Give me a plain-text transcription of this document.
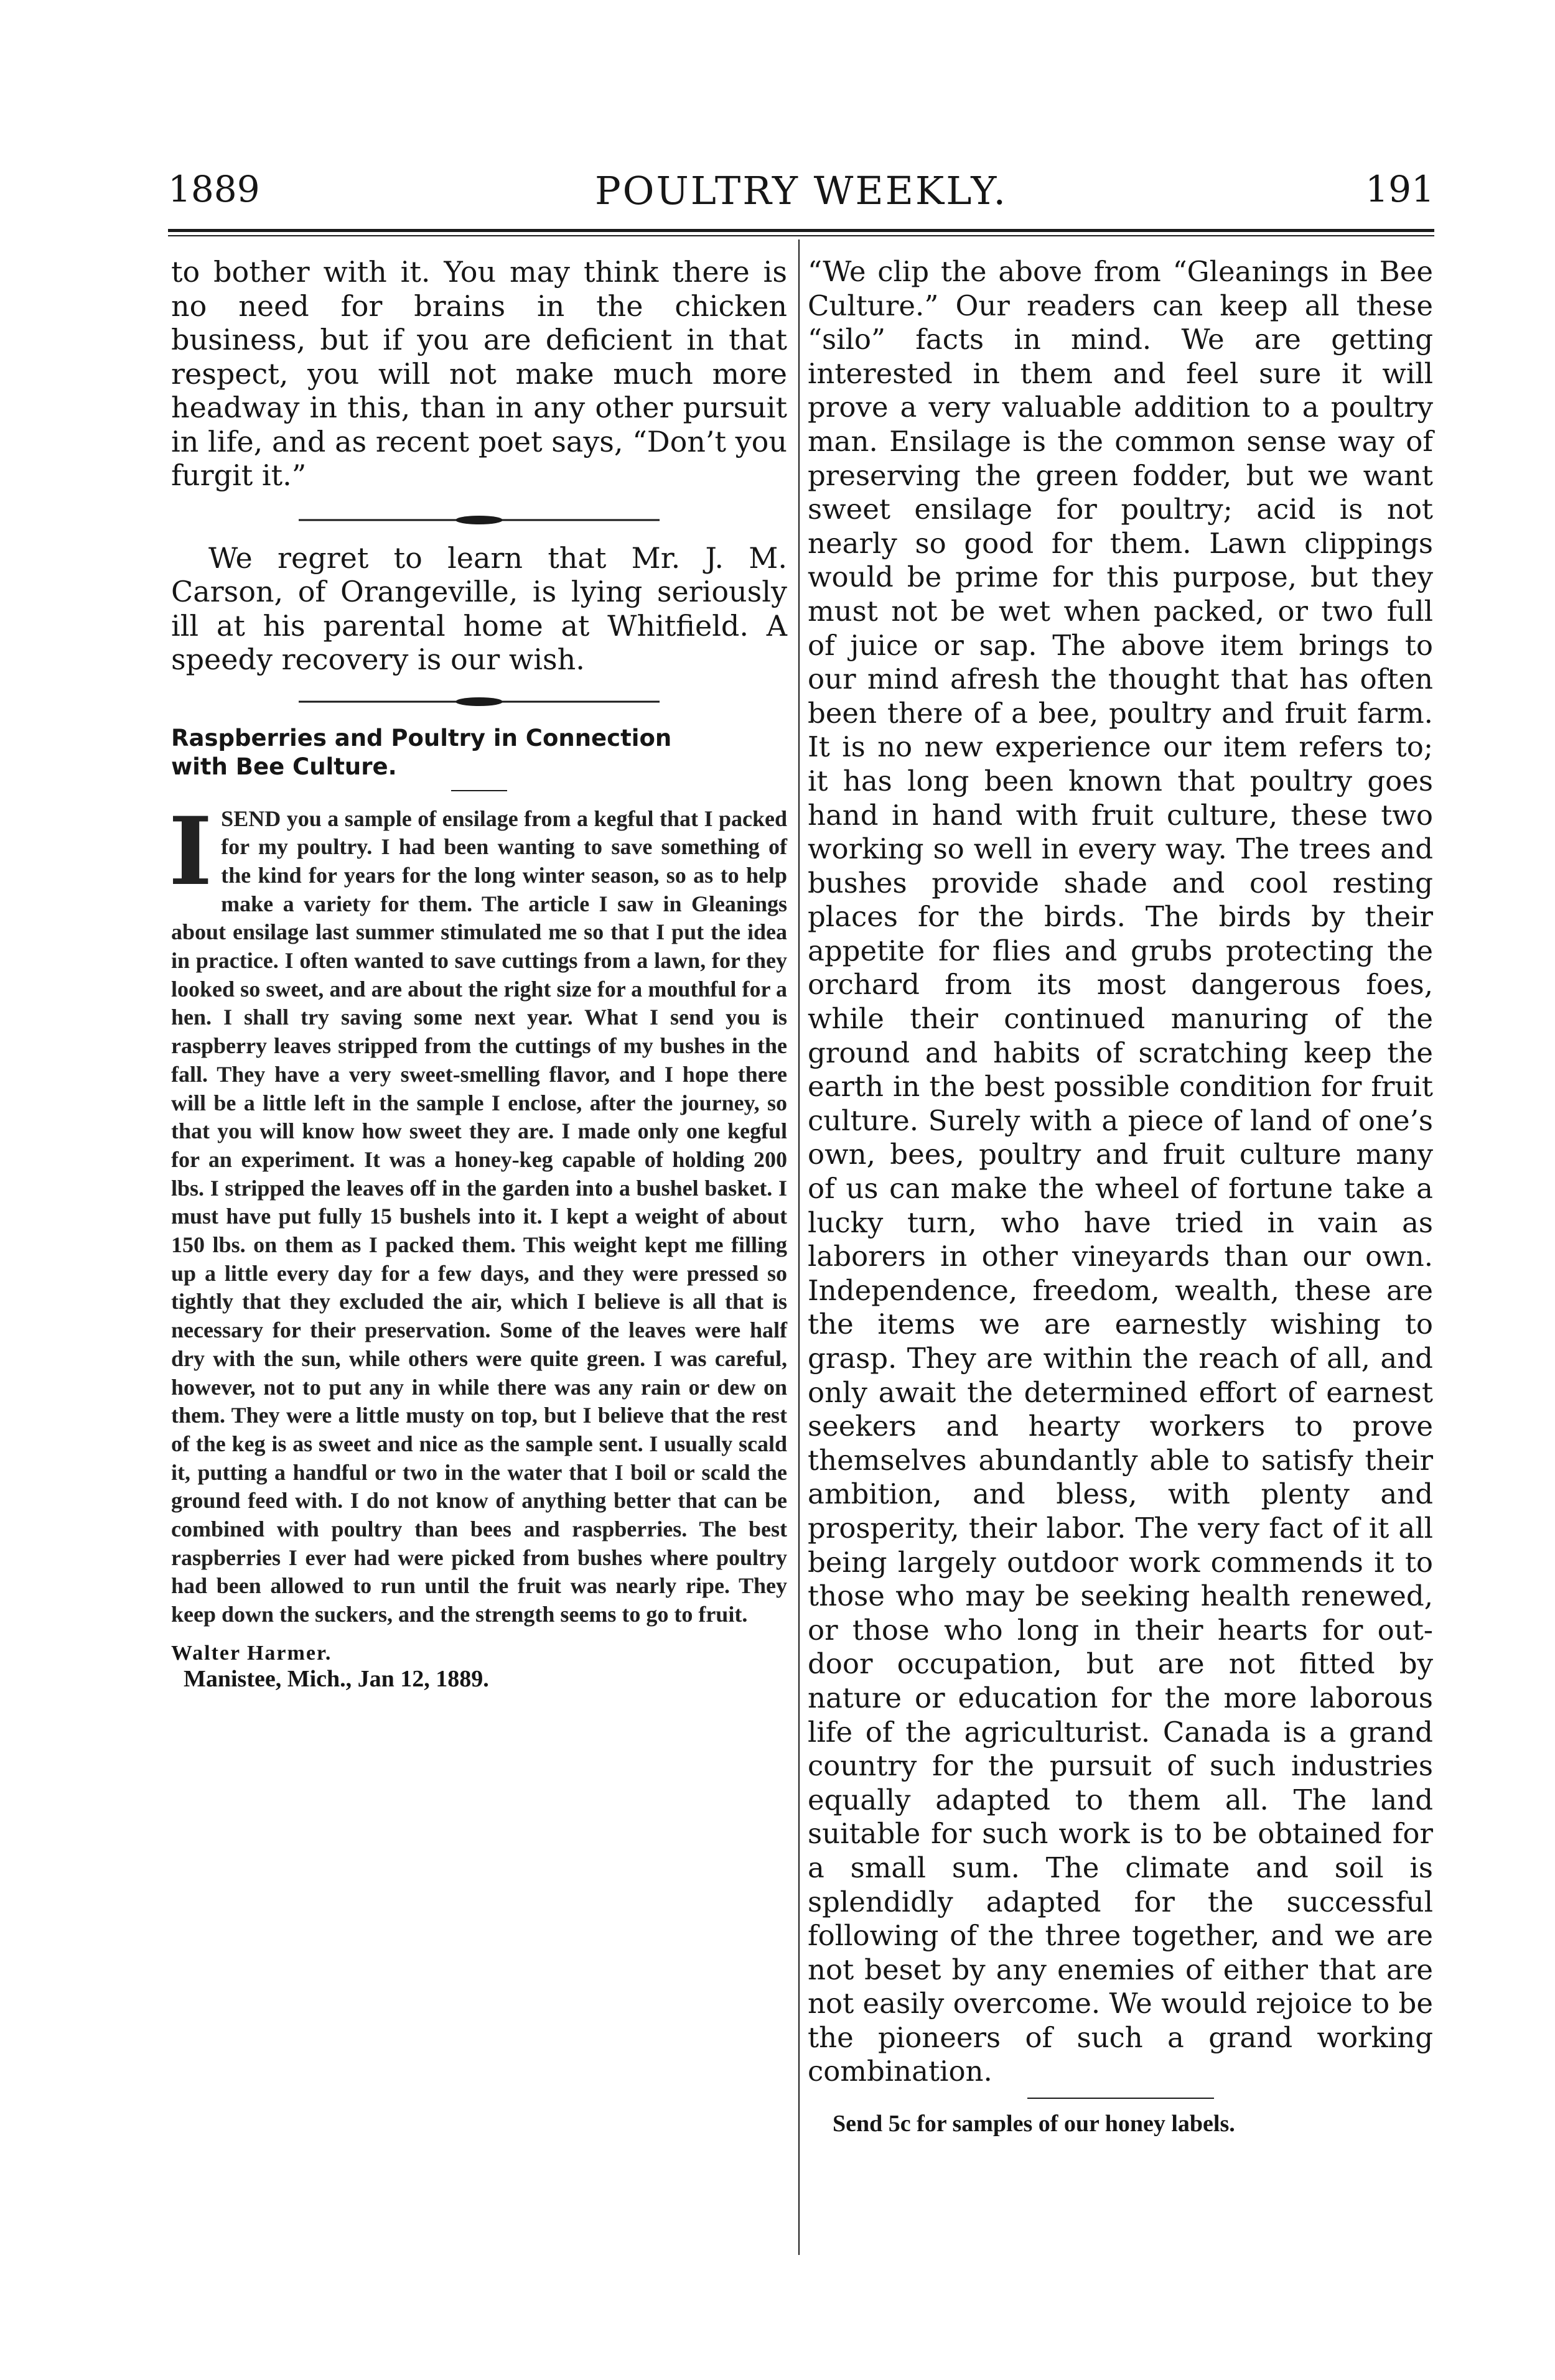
1889	POULTRY WEEKLY.	191

to bother with it. You may think there is no need for brains in the chicken business, but if you are deficient in that respect, you will not make much more headway in this, than in any other pursuit in life, and as recent poet says, “Don’t you furgit it.”

We regret to learn that Mr. J. M. Carson, of Orangeville, is lying seriously ill at his parental home at Whitfield. A speedy recovery is our wish.

Raspberries and Poultry in Connection

with Bee Culture.

ISEND you a sample of ensilage from a kegful that I packed for my poultry. I had been wanting to save something of the kind for years for the long winter season, so as to help make a variety for them. The article I saw in Gleanings about ensilage last summer stimulated me so that I put the idea in practice. I often wanted to save cuttings from a lawn, for they looked so sweet, and are about the right size for a mouthful for a hen. I shall try saving some next year. What I send you is raspberry leaves stripped from the cuttings of my bushes in the fall. They have a very sweet-smelling flavor, and I hope there will be a little left in the sample I enclose, after the journey, so that you will know how sweet they are. I made only one kegful for an experiment. It was a honey-keg capable of holding 200 lbs. I stripped the leaves off in the garden into a bushel basket. I must have put fully 15 bushels into it. I kept a weight of about 150 lbs. on them as I packed them. This weight kept me filling up a little every day for a few days, and they were pressed so tightly that they excluded the air, which I believe is all that is necessary for their preservation. Some of the leaves were half dry with the sun, while others were quite green. I was careful, however, not to put any in while there was any rain or dew on them. They were a little musty on top, but I believe that the rest of the keg is as sweet and nice as the sample sent. I usually scald it, putting a handful or two in the water that I boil or scald the ground feed with. I do not know of anything better that can be combined with poultry than bees and raspberries. The best raspberries I ever had were picked from bushes where poultry had been allowed to run until the fruit was nearly ripe. They keep down the suckers, and the strength seems to go to fruit.

Walter Harmer.

Manistee, Mich., Jan 12, 1889.

“We clip the above from “Gleanings in Bee Culture.” Our readers can keep all these “silo” facts in mind. We are getting interested in them and feel sure it will prove a very valuable addition to a poultry man. Ensilage is the common sense way of preserving the green fodder, but we want sweet ensilage for poultry; acid is not nearly so good for them. Lawn clippings would be prime for this purpose, but they must not be wet when packed, or two full of juice or sap. The above item brings to our mind afresh the thought that has often been there of a bee, poultry and fruit farm. It is no new experience our item refers to; it has long been known that poultry goes hand in hand with fruit culture, these two working so well in every way. The trees and bushes provide shade and cool resting places for the birds. The birds by their appetite for flies and grubs protecting the orchard from its most dangerous foes, while their continued manuring of the ground and habits of scratching keep the earth in the best possible condition for fruit culture. Surely with a piece of land of one’s own, bees, poultry and fruit culture many of us can make the wheel of fortune take a lucky turn, who have tried in vain as laborers in other vineyards than our own. Independence, freedom, wealth, these are the items we are earnestly wishing to grasp. They are within the reach of all, and only await the determined effort of earnest seekers and hearty workers to prove themselves abundantly able to satisfy their ambition, and bless, with plenty and prosperity, their labor. The very fact of it all being largely outdoor work commends it to those who may be seeking health renewed, or those who long in their hearts for out-door occupation, but are not fitted by nature or education for the more laborous life of the agriculturist. Canada is a grand country for the pursuit of such industries equally adapted to them all. The land suitable for such work is to be obtained for a small sum. The climate and soil is splendidly adapted for the successful following of the three together, and we are not beset by any enemies of either that are not easily overcome. We would rejoice to be the pioneers of such a grand working combination.

Send 5c for samples of our honey labels.
